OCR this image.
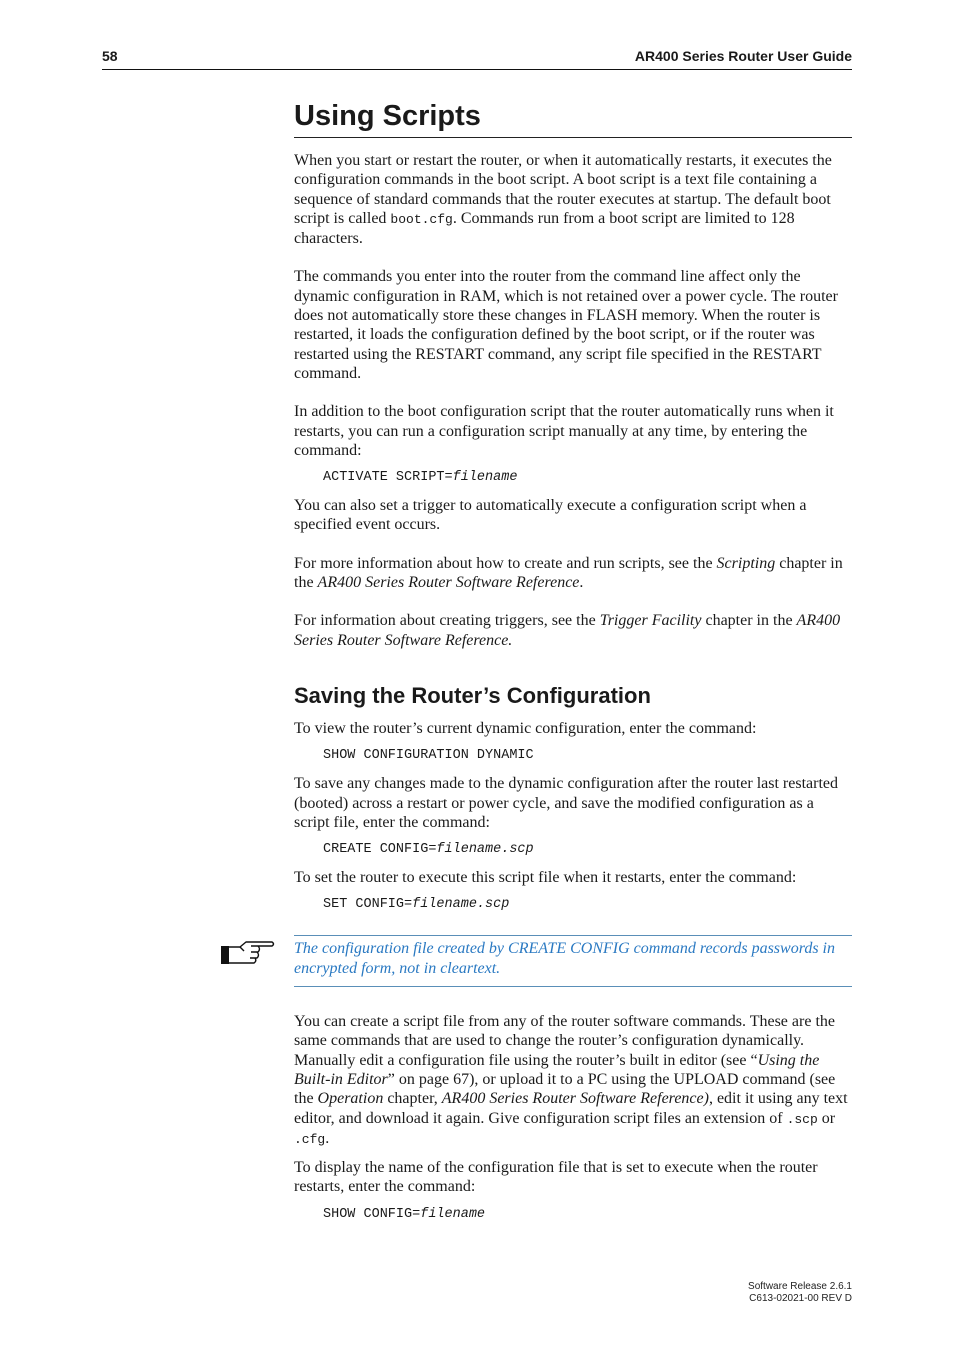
58	AR400 Series Router User Guide
Using Scripts

When you start or restart the router, or when it automatically restarts, it executes the configuration commands in the boot script. A boot script is a text file containing a sequence of standard commands that the router executes at startup. The default boot script is called boot.cfg. Commands run from a boot script are limited to 128 characters.

The commands you enter into the router from the command line affect only the dynamic configuration in RAM, which is not retained over a power cycle. The router does not automatically store these changes in FLASH memory. When the router is restarted, it loads the configuration defined by the boot script, or if the router was restarted using the RESTART command, any script file specified in the RESTART command.

In addition to the boot configuration script that the router automatically runs when it restarts, you can run a configuration script manually at any time, by entering the command:

ACTIVATE SCRIPT=filename

You can also set a trigger to automatically execute a configuration script when a specified event occurs.

For more information about how to create and run scripts, see the Scripting chapter in the AR400 Series Router Software Reference.

For information about creating triggers, see the Trigger Facility chapter in the AR400 Series Router Software Reference.

Saving the Router’s Configuration

To view the router’s current dynamic configuration, enter the command:

SHOW CONFIGURATION DYNAMIC

To save any changes made to the dynamic configuration after the router last restarted (booted) across a restart or power cycle, and save the modified configuration as a script file, enter the command:

CREATE CONFIG=filename.scp

To set the router to execute this script file when it restarts, enter the command:

SET CONFIG=filename.scp

The configuration file created by CREATE CONFIG command records passwords in encrypted form, not in cleartext.

You can create a script file from any of the router software commands. These are the same commands that are used to change the router’s configuration dynamically. Manually edit a configuration file using the router’s built in editor (see “Using the Built-in Editor” on page 67), or upload it to a PC using the UPLOAD command (see the Operation chapter, AR400 Series Router Software Reference), edit it using any text editor, and download it again. Give configuration script files an extension of .scp or .cfg.

To display the name of the configuration file that is set to execute when the router restarts, enter the command:

SHOW CONFIG=filename

Software Release 2.6.1
C613-02021-00 REV D
